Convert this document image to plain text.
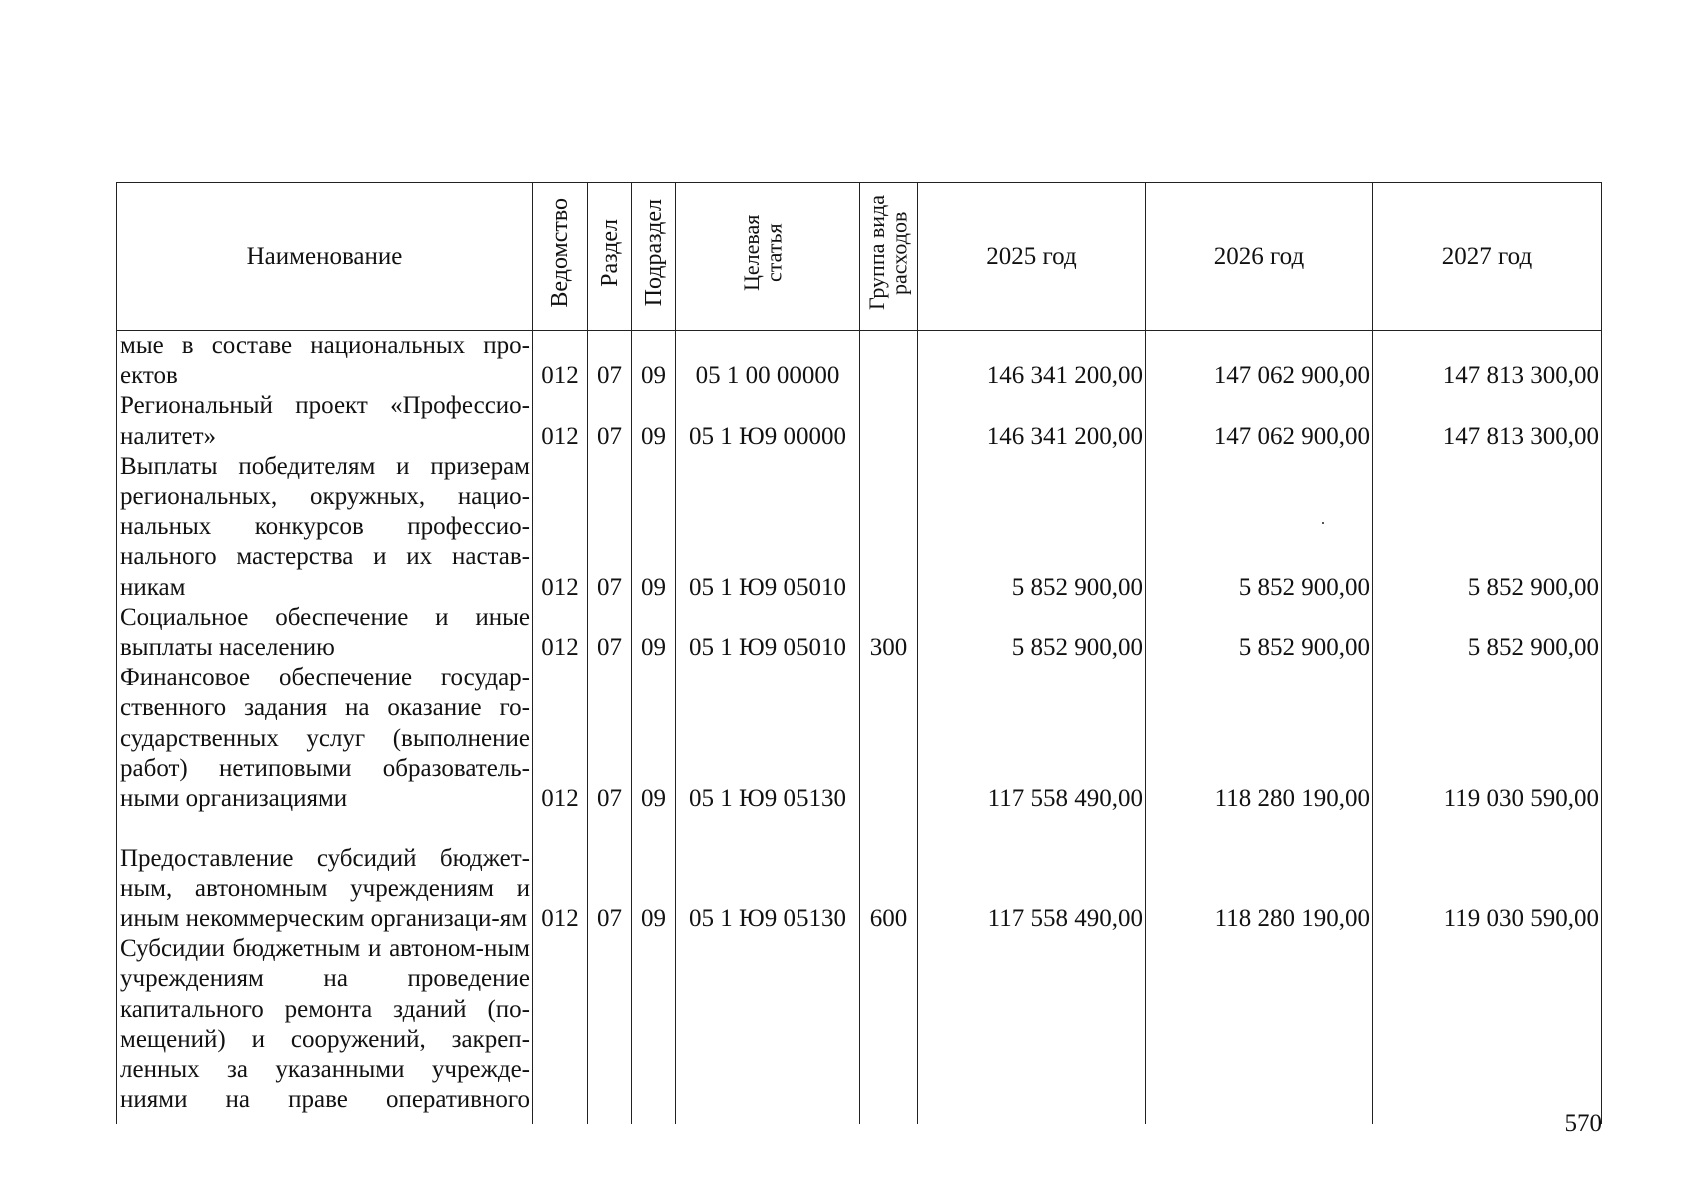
Наименование	Ведомство	Раздел	Подраздел	Целевая статья	Группа вида расходов	2025 год	2026 год	2027 год
мые в составе национальных про-ектов	012	07	09	05 1 00 00000		146 341 200,00	147 062 900,00	147 813 300,00
Региональный проект «Профессио-налитет»	012	07	09	05 1 Ю9 00000		146 341 200,00	147 062 900,00	147 813 300,00
Выплаты победителям и призерам региональных, окружных, нацио-нальных конкурсов профессио-нального мастерства и их настав-никам	012	07	09	05 1 Ю9 05010		5 852 900,00	5 852 900,00	5 852 900,00
Социальное обеспечение и иные выплаты населению	012	07	09	05 1 Ю9 05010	300	5 852 900,00	5 852 900,00	5 852 900,00
Финансовое обеспечение государ-ственного задания на оказание го-сударственных услуг (выполнение работ) нетиповыми образователь-ными организациями	012	07	09	05 1 Ю9 05130		117 558 490,00	118 280 190,00	119 030 590,00
Предоставление субсидий бюджет-ным, автономным учреждениям и иным некоммерческим организаци-ям	012	07	09	05 1 Ю9 05130	600	117 558 490,00	118 280 190,00	119 030 590,00
Субсидии бюджетным и автоном-ным учреждениям на проведение капитального ремонта зданий (по-мещений) и сооружений, закреп-ленных за указанными учрежде-ниями на праве оперативного								
570
